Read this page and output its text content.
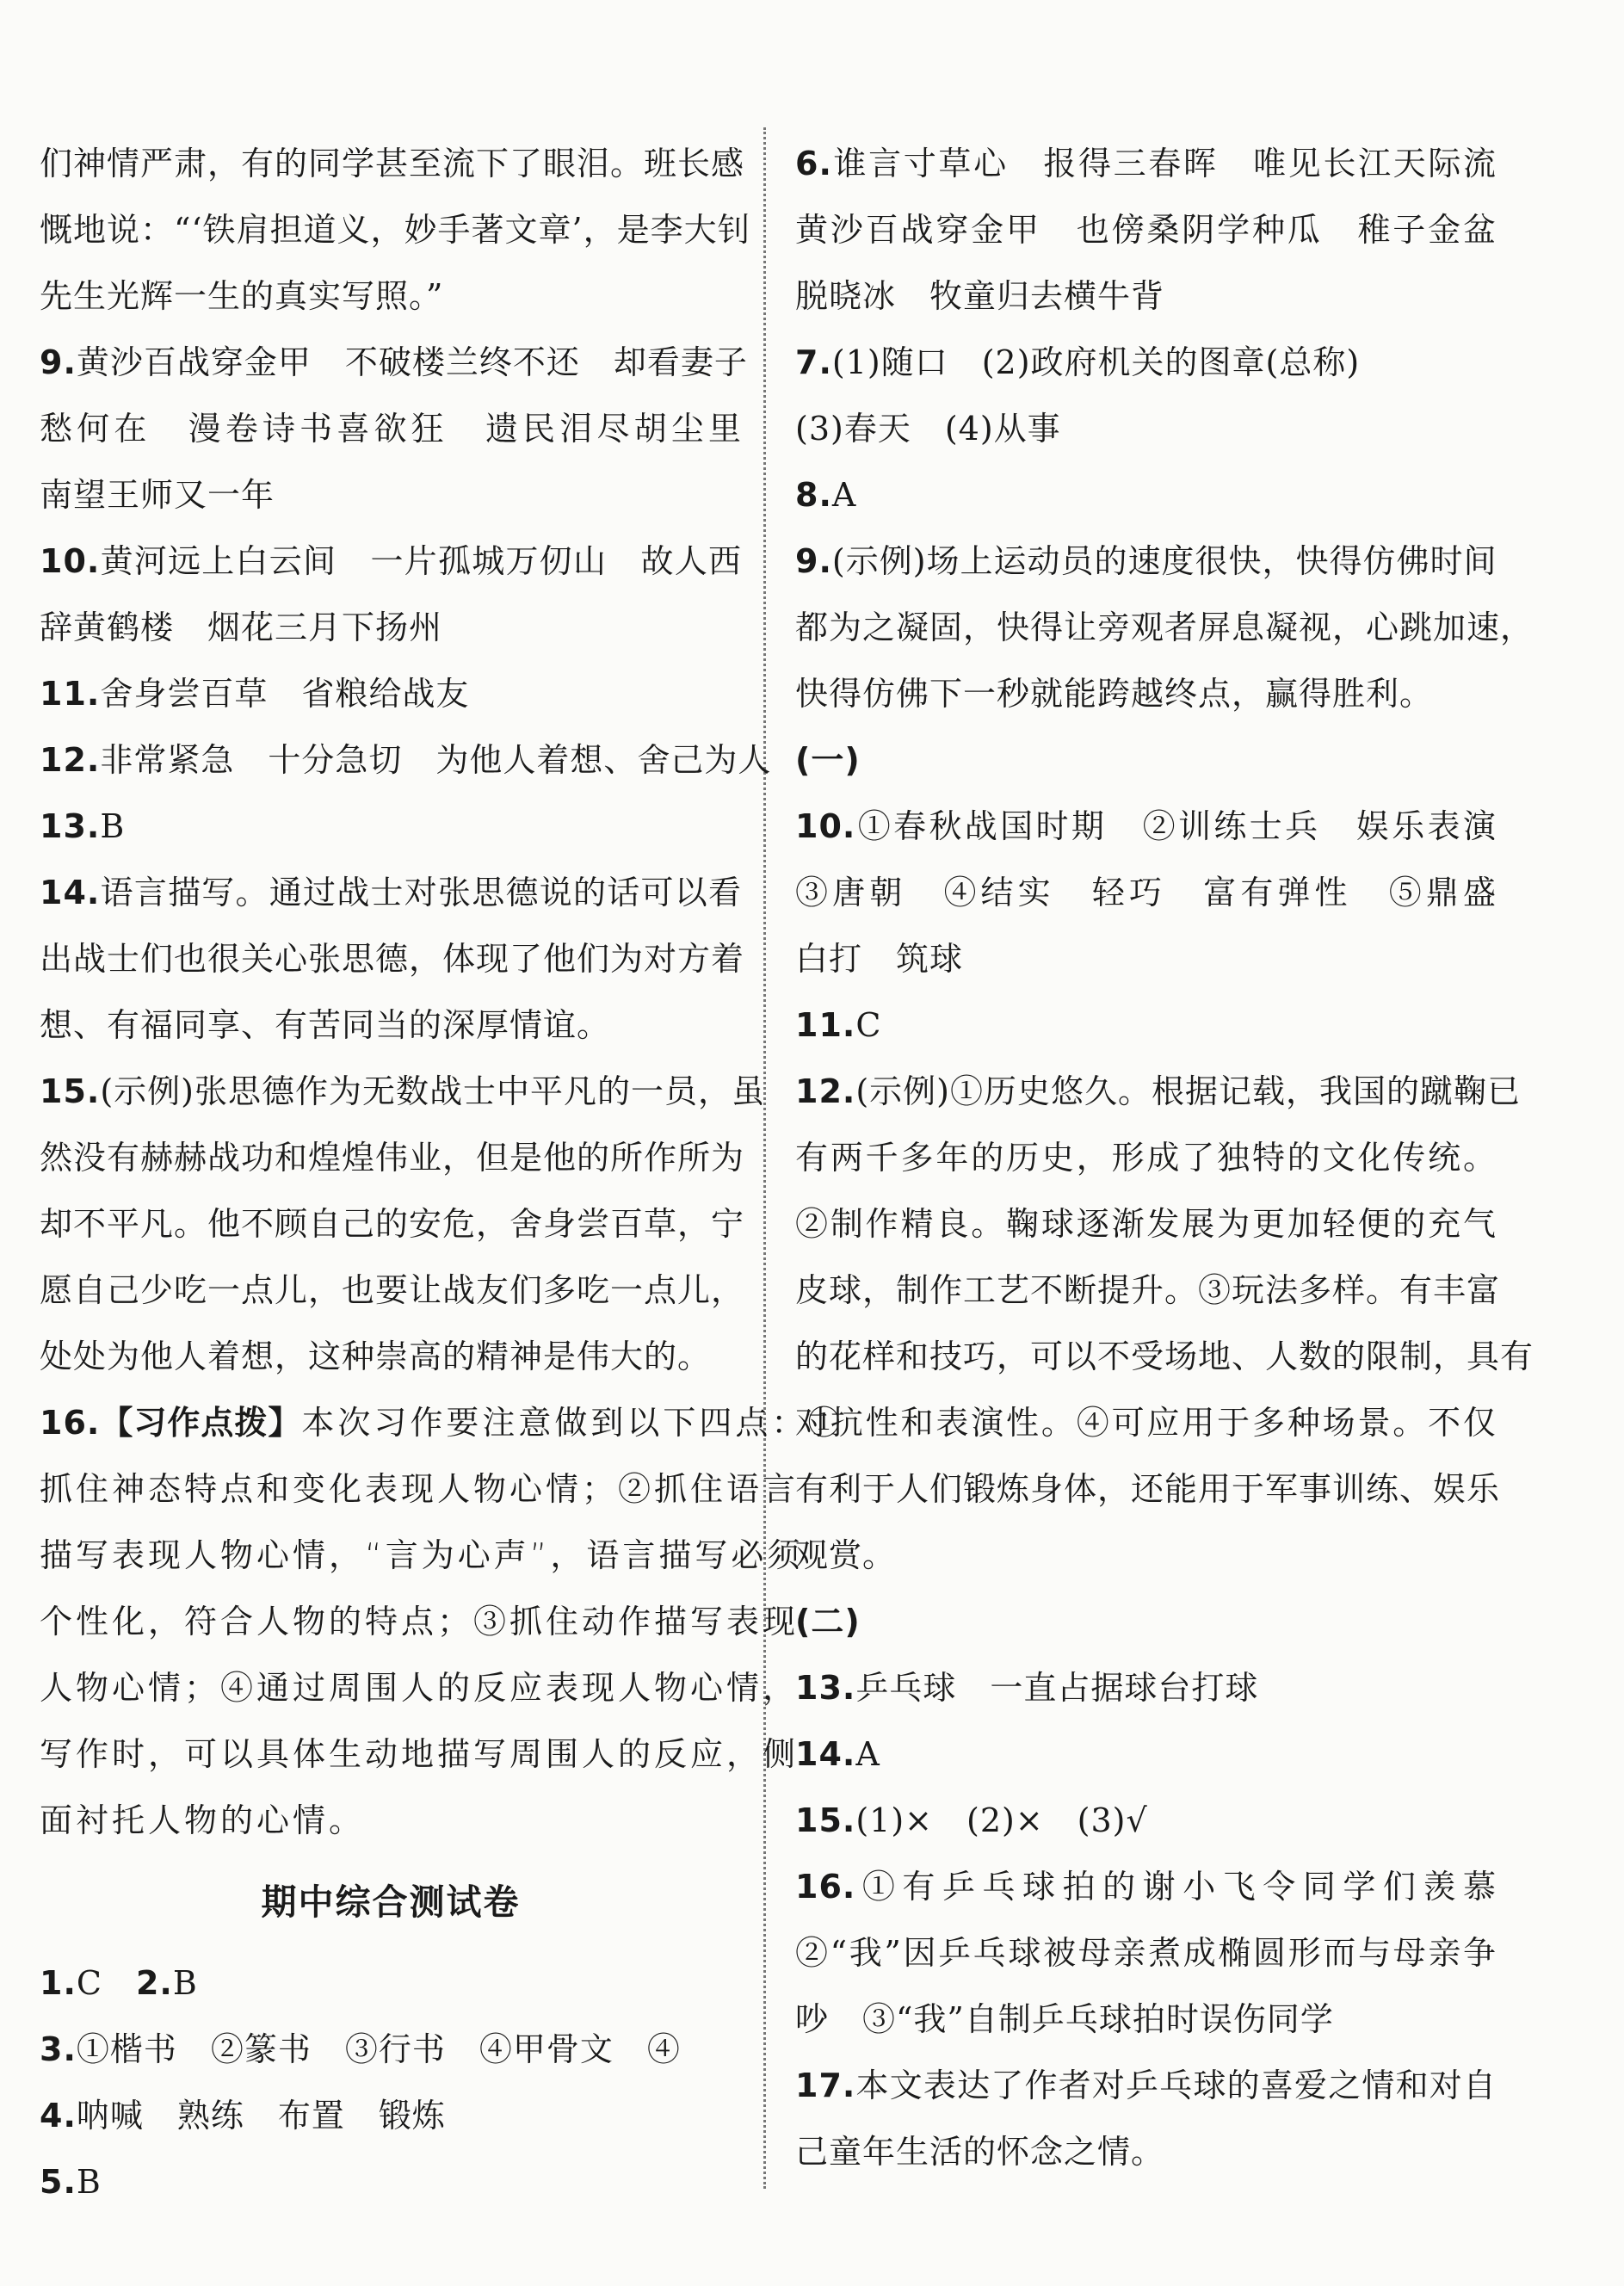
们神情严肃，有的同学甚至流下了眼泪。班长感
慨地说：“‘铁肩担道义，妙手著文章’，是李大钊
先生光辉一生的真实写照。”
9.黄沙百战穿金甲　不破楼兰终不还　却看妻子
愁何在　漫卷诗书喜欲狂　遗民泪尽胡尘里
南望王师又一年
10.黄河远上白云间　一片孤城万仞山　故人西
辞黄鹤楼　烟花三月下扬州
11.舍身尝百草　省粮给战友
12.非常紧急　十分急切　为他人着想、舍己为人
13.B
14.语言描写。通过战士对张思德说的话可以看
出战士们也很关心张思德，体现了他们为对方着
想、有福同享、有苦同当的深厚情谊。
15.(示例)张思德作为无数战士中平凡的一员，虽
然没有赫赫战功和煌煌伟业，但是他的所作所为
却不平凡。他不顾自己的安危，舍身尝百草，宁
愿自己少吃一点儿，也要让战友们多吃一点儿，
处处为他人着想，这种崇高的精神是伟大的。
16.【习作点拨】本次习作要注意做到以下四点：①
抓住神态特点和变化表现人物心情；②抓住语言
描写表现人物心情，“言为心声”，语言描写必须
个性化，符合人物的特点；③抓住动作描写表现
人物心情；④通过周围人的反应表现人物心情，
写作时，可以具体生动地描写周围人的反应，侧
面衬托人物的心情。
期中综合测试卷
1.C　 2.B
3.①楷书　②篆书　③行书　④甲骨文　④
4.呐喊　熟练　布置　锻炼
5.B
6.谁言寸草心　报得三春晖　唯见长江天际流
黄沙百战穿金甲　也傍桑阴学种瓜　稚子金盆
脱晓冰　牧童归去横牛背
7.(1)随口　(2)政府机关的图章(总称)
(3)春天　(4)从事
8.A
9.(示例)场上运动员的速度很快，快得仿佛时间
都为之凝固，快得让旁观者屏息凝视，心跳加速，
快得仿佛下一秒就能跨越终点，赢得胜利。
(一)
10.①春秋战国时期　②训练士兵　娱乐表演
③唐朝　④结实　轻巧　富有弹性　⑤鼎盛
白打　筑球
11.C
12.(示例)①历史悠久。根据记载，我国的蹴鞠已
有两千多年的历史，形成了独特的文化传统。
②制作精良。鞠球逐渐发展为更加轻便的充气
皮球，制作工艺不断提升。③玩法多样。有丰富
的花样和技巧，可以不受场地、人数的限制，具有
对抗性和表演性。④可应用于多种场景。不仅
有利于人们锻炼身体，还能用于军事训练、娱乐
观赏。
(二)
13.乒乓球　一直占据球台打球
14.A
15.(1)×　(2)×　(3)√
16.①有乒乓球拍的谢小飞令同学们羡慕
②“我”因乒乓球被母亲煮成椭圆形而与母亲争
吵　③“我”自制乒乓球拍时误伤同学
17.本文表达了作者对乒乓球的喜爱之情和对自
己童年生活的怀念之情。
